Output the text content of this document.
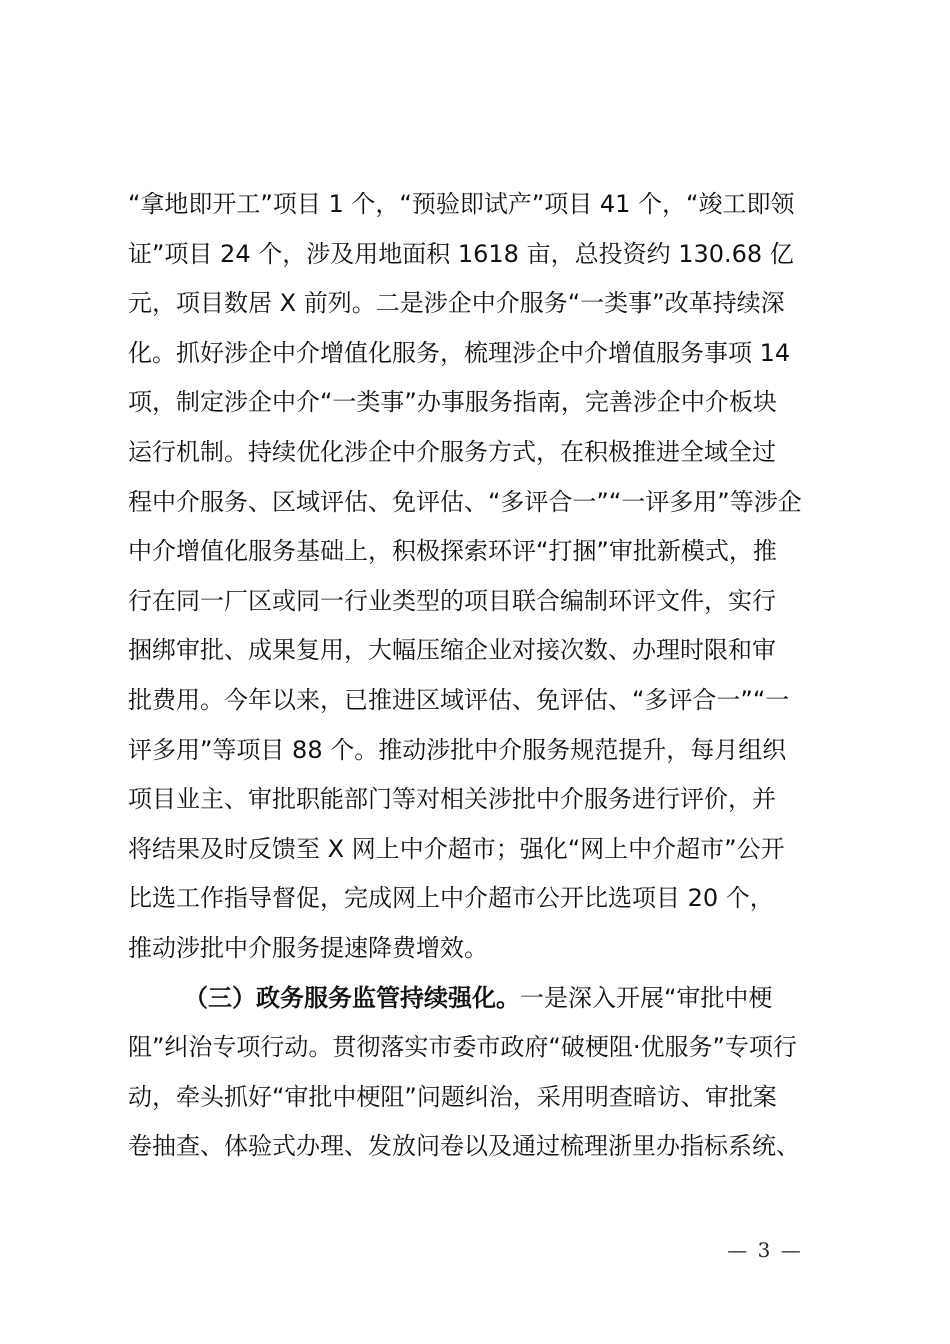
“拿地即开工”项目 1 个，“预验即试产”项目 41 个，“竣工即领
证”项目 24 个，涉及用地面积 1618 亩，总投资约 130.68 亿
元，项目数居 X 前列。二是涉企中介服务“一类事”改革持续深
化。抓好涉企中介增值化服务，梳理涉企中介增值服务事项 14
项，制定涉企中介“一类事”办事服务指南，完善涉企中介板块
运行机制。持续优化涉企中介服务方式，在积极推进全域全过
程中介服务、区域评估、免评估、“多评合一”“一评多用”等涉企
中介增值化服务基础上，积极探索环评“打捆”审批新模式，推
行在同一厂区或同一行业类型的项目联合编制环评文件，实行
捆绑审批、成果复用，大幅压缩企业对接次数、办理时限和审
批费用。今年以来，已推进区域评估、免评估、“多评合一”“一
评多用”等项目 88 个。推动涉批中介服务规范提升，每月组织
项目业主、审批职能部门等对相关涉批中介服务进行评价，并
将结果及时反馈至 X 网上中介超市；强化“网上中介超市”公开
比选工作指导督促，完成网上中介超市公开比选项目 20 个，
推动涉批中介服务提速降费增效。
（三）政务服务监管持续强化。一是深入开展“审批中梗
阻”纠治专项行动。贯彻落实市委市政府“破梗阻·优服务”专项行
动，牵头抓好“审批中梗阻”问题纠治，采用明查暗访、审批案
卷抽查、体验式办理、发放问卷以及通过梳理浙里办指标系统、
— 3 —
